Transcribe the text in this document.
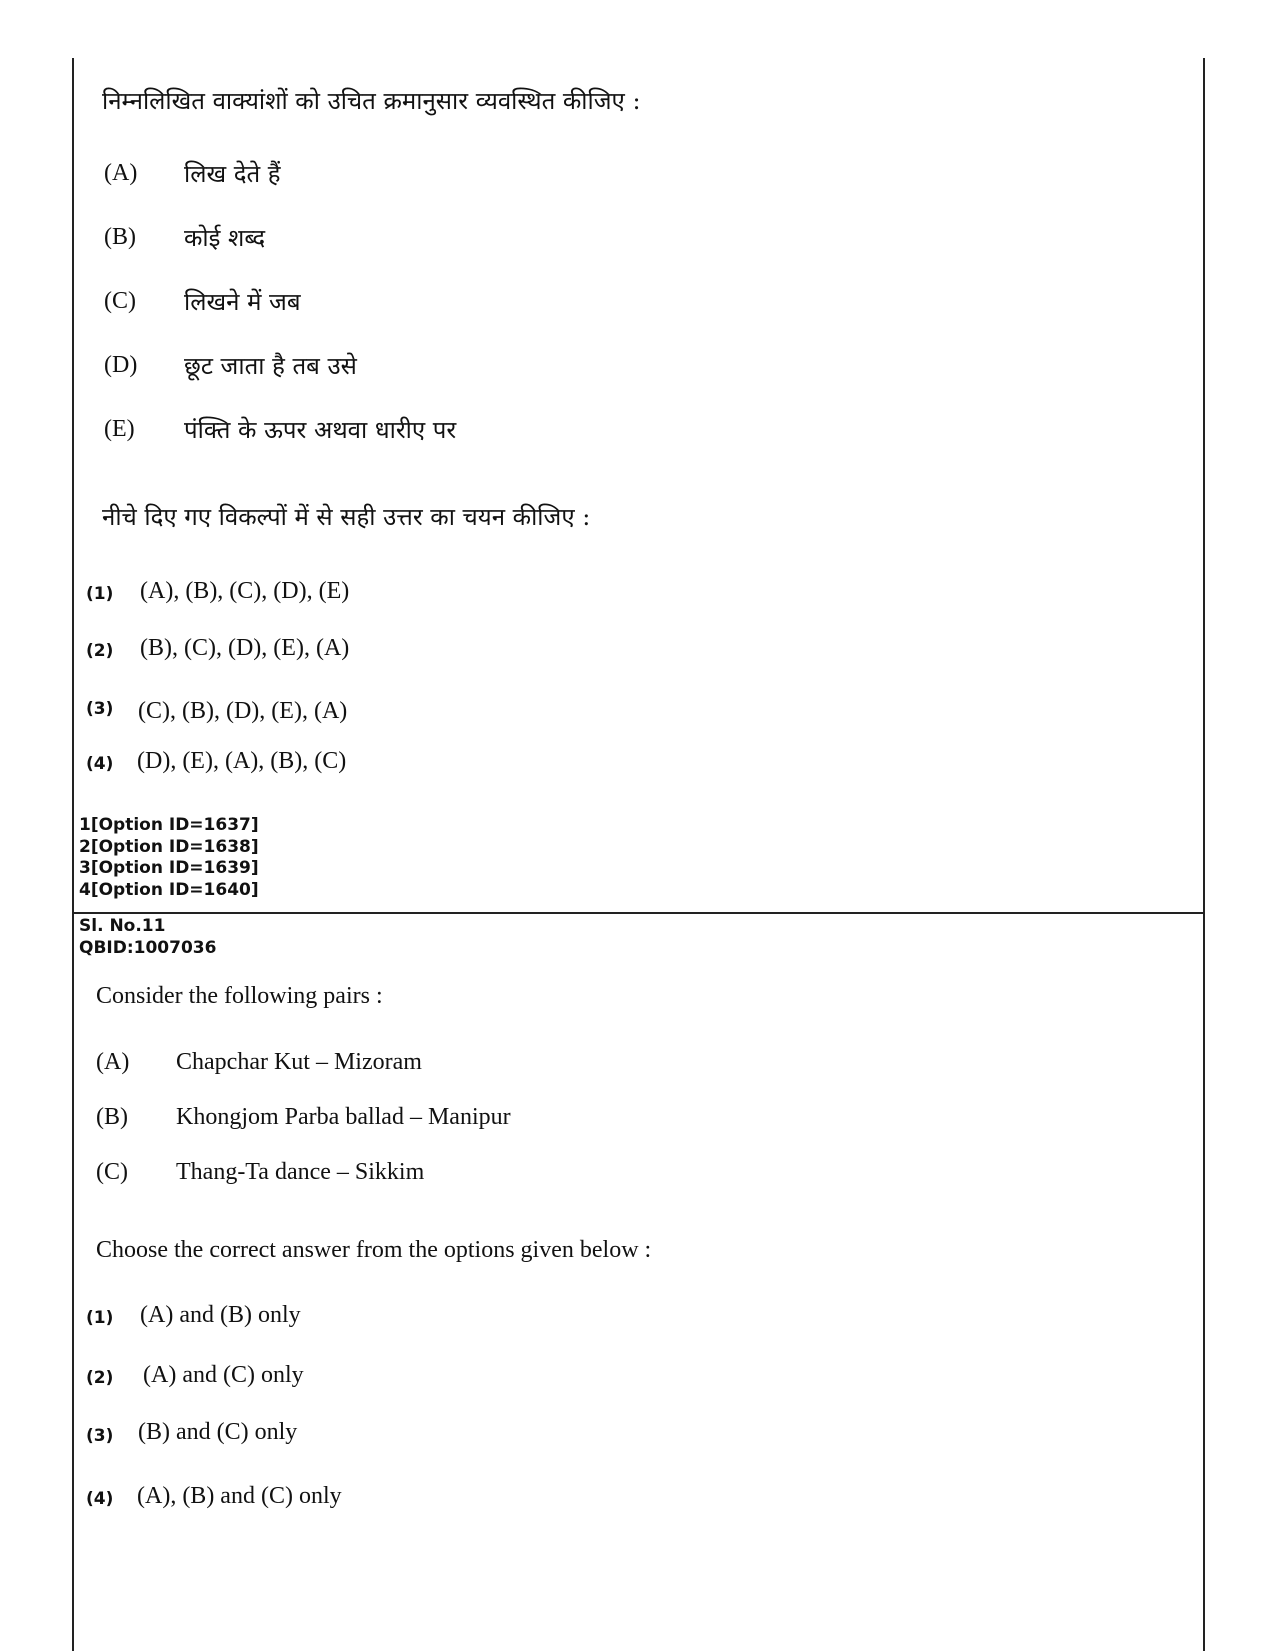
निम्नलिखित वाक्यांशों को उचित क्रमानुसार व्यवस्थित कीजिए :
(A) लिख देते हैं
(B) कोई शब्द
(C) लिखने में जब
(D) छूट जाता है तब उसे
(E) पंक्ति के ऊपर अथवा धारीए पर
नीचे दिए गए विकल्पों में से सही उत्तर का चयन कीजिए :
(1) (A), (B), (C), (D), (E)
(2) (B), (C), (D), (E), (A)
(3) (C), (B), (D), (E), (A)
(4) (D), (E), (A), (B), (C)
1[Option ID=1637]
2[Option ID=1638]
3[Option ID=1639]
4[Option ID=1640]
Sl. No.11
QBID:1007036
Consider the following pairs :
(A) Chapchar Kut – Mizoram
(B) Khongjom Parba ballad – Manipur
(C) Thang-Ta dance – Sikkim
Choose the correct answer from the options given below :
(1) (A) and (B) only
(2) (A) and (C) only
(3) (B) and (C) only
(4) (A), (B) and (C) only
